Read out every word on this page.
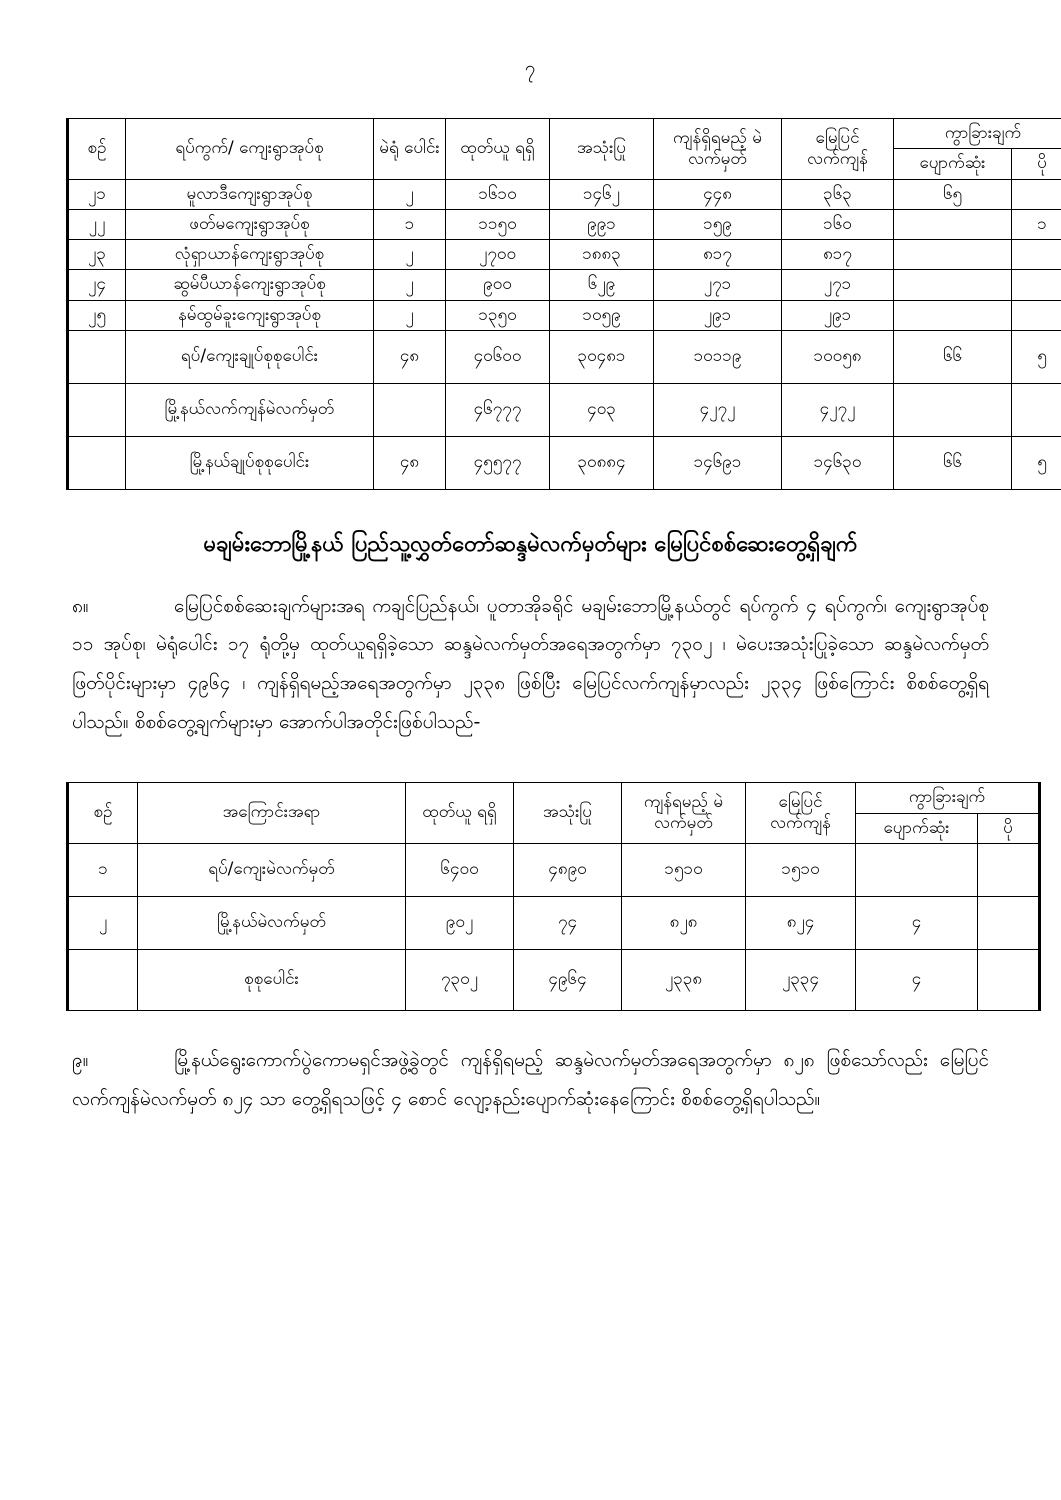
၇
စဉ်	ရပ်ကွက်/ ကျေးရွာအုပ်စု	မဲရုံ ပေါင်း	ထုတ်ယူ ရရှိ	အသုံးပြု	ကျန်ရှိရမည့် မဲလက်မှတ်	မြေပြင် လက်ကျန်	ကွာခြားချက်	
							ပျောက်ဆုံး	ပို
၂၁	မူလာဒီကျေးရွာအုပ်စု	၂	၁၆၁၀	၁၄၆၂	၄၄၈	၃၆၃	၆၅	
၂၂	ဖတ်မကျေးရွာအုပ်စု	၁	၁၁၅၀	၉၉၁	၁၅၉	၁၆၀		၁
၂၃	လုံရှာယာန်ကျေးရွာအုပ်စု	၂	၂၇၀၀	၁၈၈၃	၈၁၇	၈၁၇		
၂၄	ဆွမ်ပီယာန်ကျေးရွာအုပ်စု	၂	၉၀၀	၆၂၉	၂၇၁	၂၇၁		
၂၅	နမ်ထွမ်ခူးကျေးရွာအုပ်စု	၂	၁၃၅၀	၁၀၅၉	၂၉၁	၂၉၁		
	ရပ်/ကျေးချုပ်စုစုပေါင်း	၄၈	၄၀၆၀၀	၃၀၄၈၁	၁၀၁၁၉	၁၀၀၅၈	၆၆	၅
	မြို့နယ်လက်ကျန်မဲလက်မှတ်		၄၆၇၇၇	၄၀၃	၄၂၇၂	၄၂၇၂		
	မြို့နယ်ချုပ်စုစုပေါင်း	၄၈	၄၅၅၇၇	၃၀၈၈၄	၁၄၆၉၁	၁၄၆၃၀	၆၆	၅
မချမ်းဘောမြို့နယ် ပြည်သူ့လွှတ်တော်ဆန္ဒမဲလက်မှတ်များ မြေပြင်စစ်ဆေးတွေ့ရှိချက်

၈။	မြေပြင်စစ်ဆေးချက်များအရ ကချင်ပြည်နယ်၊ ပူတာအိုခရိုင် မချမ်းဘောမြို့နယ်တွင် ရပ်ကွက် ၄ ရပ်ကွက်၊ ကျေးရွာအုပ်စု ၁၁ အုပ်စု၊ မဲရုံပေါင်း ၁၇ ရုံတို့မှ ထုတ်ယူရရှိခဲ့သော ဆန္ဒမဲလက်မှတ်အရေအတွက်မှာ ၇၃၀၂ ၊ မဲပေးအသုံးပြုခဲ့သော ဆန္ဒမဲလက်မှတ်ဖြတ်ပိုင်းများမှာ ၄၉၆၄ ၊ ကျန်ရှိရမည့်အရေအတွက်မှာ ၂၃၃၈ ဖြစ်ပြီး မြေပြင်လက်ကျန်မှာလည်း ၂၃၃၄ ဖြစ်ကြောင်း စိစစ်တွေ့ရှိရပါသည်။ စိစစ်တွေ့ချက်များမှာ အောက်ပါအတိုင်းဖြစ်ပါသည်-

စဉ်	အကြောင်းအရာ	ထုတ်ယူ ရရှိ	အသုံးပြု	ကျန်ရမည့် မဲလက်မှတ်	မြေပြင် လက်ကျန်	ကွာခြားချက်	
						ပျောက်ဆုံး	ပို
၁	ရပ်/ကျေးမဲလက်မှတ်	၆၄၀၀	၄၈၉၀	၁၅၁၀	၁၅၁၀		
၂	မြို့နယ်မဲလက်မှတ်	၉၀၂	၇၄	၈၂၈	၈၂၄	၄	
	စုစုပေါင်း	၇၃၀၂	၄၉၆၄	၂၃၃၈	၂၃၃၄	၄	

၉။	မြို့နယ်ရွေးကောက်ပွဲကောမရှင်အဖွဲ့ခွဲတွင် ကျန်ရှိရမည့် ဆန္ဒမဲလက်မှတ်အရေအတွက်မှာ ၈၂၈ ဖြစ်သော်လည်း မြေပြင်လက်ကျန်မဲလက်မှတ် ၈၂၄ သာ တွေ့ရှိရသဖြင့် ၄ စောင် လျော့နည်းပျောက်ဆုံးနေကြောင်း စိစစ်တွေ့ရှိရပါသည်။
